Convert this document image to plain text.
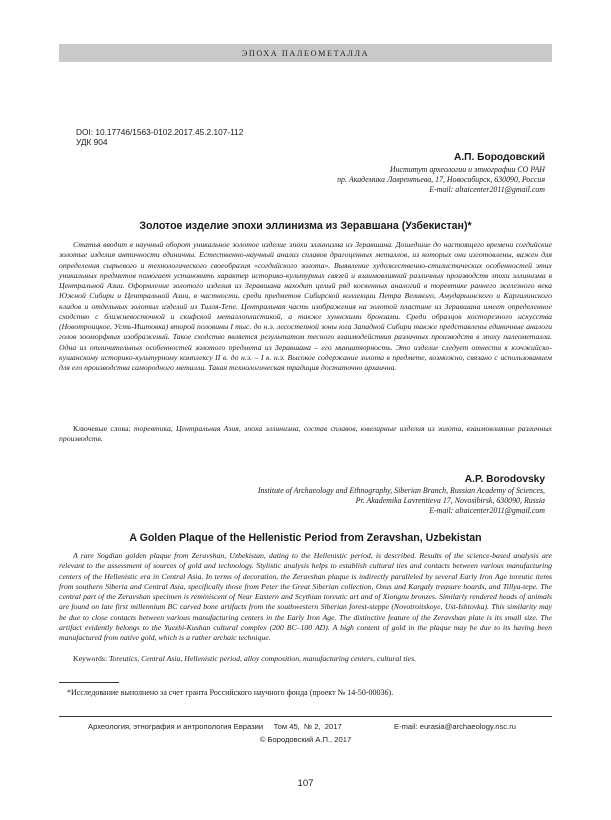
ЭПОХА ПАЛЕОМЕТАЛЛА
DOI: 10.17746/1563-0102.2017.45.2.107-112
УДК 904
А.П. Бородовский
Институт археологии и этнографии СО РАН
пр. Академика Лаврентьева, 17, Новосибирск, 630090, Россия
E-mail: altaicenter2011@gmail.com
Золотое изделие эпохи эллинизма из Зеравшана (Узбекистан)*

Статья вводит в научный оборот уникальное золотое изделие эпохи эллинизма из Зеравшана. Дошедшие до настоящего времени согдийские золотые изделия античности единичны. Естественно-научный анализ сплавов драгоценных металлов, из которых они изготовлены, важен для определения сырьевого и технологического своеобразия «согдийского золота». Выявление художественно-стилистических особенностей этих уникальных предметов помогает установить характер историко-культурных связей и взаимовлияний различных производств эпохи эллинизма в Центральной Азии. Оформление золотого изделия из Зеравшана находит целый ряд косвенных аналогий в торевтике раннего железного века Южной Сибири и Центральной Азии, в частности, среди предметов Сибирской коллекции Петра Великого, Амударьинского и Каргалинского кладов и отдельных золотых изделий из Тилля-Тепе. Центральная часть изображения на золотой пластине из Зеравшана имеет определенное сходство с ближневосточной и скифской металлопластикой, а также хуннскими бронзами. Среди образцов косторезного искусства (Новотроицкое, Усть-Иштовка) второй половины I тыс. до н.э. лесостепной зоны юга Западной Сибири также представлены единичные аналоги голов зооморфных изображений. Такое сходство является результатом тесного взаимодействия различных производств в эпоху палеометалла. Одна из отличительных особенностей золотого предмета из Зеравшана – его миниатюрность. Это изделие следует отнести к юэчжийско-кушанскому историко-культурному комплексу II в. до н.э. – I в. н.э. Высокое содержание золота в предмете, возможно, связано с использованием для его производства самородного металла. Такая технологическая традиция достаточно архаична.

Ключевые слова: торевтика, Центральная Азия, эпоха эллинизма, состав сплавов, ювелирные изделия из золота, взаимовлияние различных производств.

A.P. Borodovsky
Institute of Archaeology and Ethnography, Siberian Branch, Russian Academy of Sciences,
Pr. Akademika Lavrentieva 17, Novosibirsk, 630090, Russia
E-mail: altaicenter2011@gmail.com
A Golden Plaque of the Hellenistic Period from Zeravshan, Uzbekistan

A rare Sogdian golden plaque from Zeravshan, Uzbekistan, dating to the Hellenistic period, is described. Results of the science-based analysis are relevant to the assessment of sources of gold and technology. Stylistic analysis helps to establish cultural ties and contacts between various manufacturing centers of the Hellenistic era in Central Asia. In terms of decoration, the Zeravshan plaque is indirectly paralleled by several Early Iron Age toreutic items from southern Siberia and Central Asia, specifically those from Peter the Great Siberian collection, Oxus and Kargaly treasure hoards, and Tillya-tepe. The central part of the Zeravshan specimen is reminiscent of Near Eastern and Scythian toreutic art and of Xiongnu bronzes. Similarly rendered heads of animals are found on late first millennium BC carved bone artifacts from the southwestern Siberian forest-steppe (Novotroitskoye, Ust-Ishtovka). This similarity may be due to close contacts between various manufacturing centers in the Early Iron Age. The distinctive feature of the Zeravshan plate is its small size. The artifact evidently belongs to the Yuezhi-Kushan cultural complex (200 BC–100 AD). A high content of gold in the plaque may be due to its having been manufactured from native gold, which is a rather archaic technique.

Keywords: Toreutics, Central Asia, Hellenistic period, alloy composition, manufacturing centers, cultural ties.

*Исследование выполнено за счет гранта Российского научного фонда (проект № 14-50-00036).
Археология, этнография и антропология Евразии     Том 45,  № 2,  2017	E-mail: eurasia@archaeology.nsc.ru
© Бородовский А.П., 2017
107
